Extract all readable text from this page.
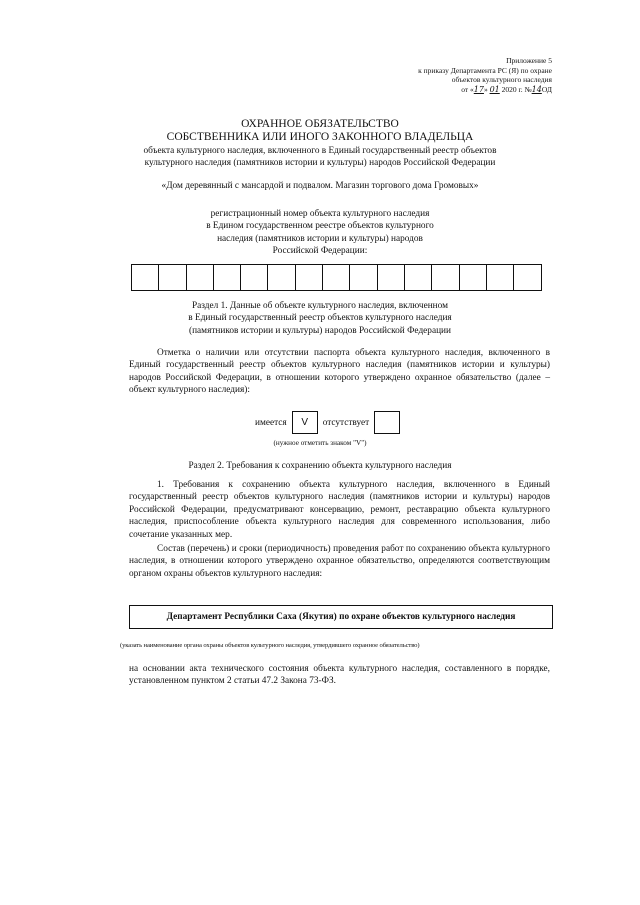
Приложение 5
к приказу Департамента РС (Я) по охране
объектов культурного наследия
от «17» 01 2020 г. №14ОД
ОХРАННОЕ ОБЯЗАТЕЛЬСТВО
СОБСТВЕННИКА ИЛИ ИНОГО ЗАКОННОГО ВЛАДЕЛЬЦА
объекта культурного наследия, включенного в Единый государственный реестр объектов
культурного наследия (памятников истории и культуры) народов Российской Федерации
«Дом деревянный с мансардой и подвалом. Магазин торгового дома Громовых»
регистрационный номер объекта культурного наследия
в Едином государственном реестре объектов культурного
наследия (памятников истории и культуры) народов
Российской Федерации:
Раздел 1. Данные об объекте культурного наследия, включенном
в Единый государственный реестр объектов культурного наследия
(памятников истории и культуры) народов Российской Федерации
Отметка о наличии или отсутствии паспорта объекта культурного наследия, включенного в Единый государственный реестр объектов культурного наследия (памятников истории и культуры) народов Российской Федерации, в отношении которого утверждено охранное обязательство (далее – объект культурного наследия):
имеется	V	отсутствует
(нужное отметить знаком "V")
Раздел 2. Требования к сохранению объекта культурного наследия
1. Требования к сохранению объекта культурного наследия, включенного в Единый государственный реестр объектов культурного наследия (памятников истории и культуры) народов Российской Федерации, предусматривают консервацию, ремонт, реставрацию объекта культурного наследия, приспособление объекта культурного наследия для современного использования, либо сочетание указанных мер.
Состав (перечень) и сроки (периодичность) проведения работ по сохранению объекта культурного наследия, в отношении которого утверждено охранное обязательство, определяются соответствующим органом охраны объектов культурного наследия:
Департамент Республики Саха (Якутия) по охране объектов культурного наследия
(указать наименование органа охраны объектов культурного наследия, утвердившего охранное обязательство)
на основании акта технического состояния объекта культурного наследия, составленного в порядке, установленном пунктом 2 статьи 47.2 Закона 73-ФЗ.
